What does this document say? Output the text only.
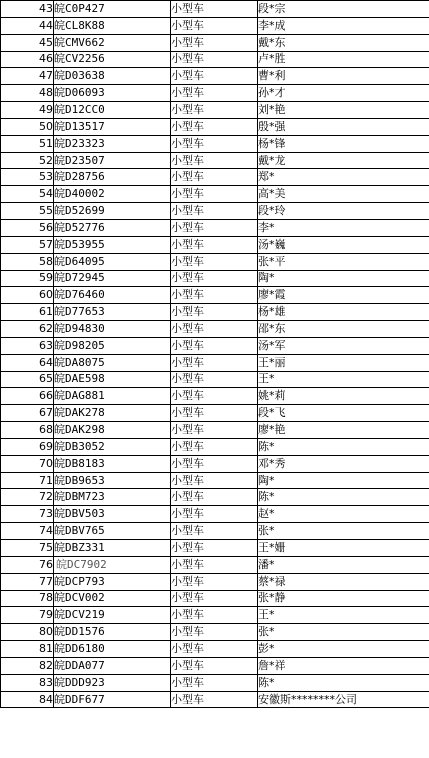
43	皖C0P427	小型车	段*宗
44	皖CL8K88	小型车	李*成
45	皖CMV662	小型车	戴*东
46	皖CV2256	小型车	卢*胜
47	皖D03638	小型车	曹*利
48	皖D06093	小型车	孙*才
49	皖D12CC0	小型车	刘*艳
50	皖D13517	小型车	殷*强
51	皖D23323	小型车	杨*锋
52	皖D23507	小型车	戴*龙
53	皖D28756	小型车	郑*
54	皖D40002	小型车	高*美
55	皖D52699	小型车	段*玲
56	皖D52776	小型车	李*
57	皖D53955	小型车	汤*巍
58	皖D64095	小型车	张*平
59	皖D72945	小型车	陶*
60	皖D76460	小型车	廖*霞
61	皖D77653	小型车	杨*雄
62	皖D94830	小型车	邵*东
63	皖D98205	小型车	汤*军
64	皖DA8075	小型车	王*丽
65	皖DAE598	小型车	王*
66	皖DAG881	小型车	姚*莉
67	皖DAK278	小型车	段*飞
68	皖DAK298	小型车	廖*艳
69	皖DB3052	小型车	陈*
70	皖DB8183	小型车	邓*秀
71	皖DB9653	小型车	陶*
72	皖DBM723	小型车	陈*
73	皖DBV503	小型车	赵*
74	皖DBV765	小型车	张*
75	皖DBZ331	小型车	王*姗
76	皖DC7902	小型车	潘*
77	皖DCP793	小型车	蔡*禄
78	皖DCV002	小型车	张*静
79	皖DCV219	小型车	王*
80	皖DD1576	小型车	张*
81	皖DD6180	小型车	彭*
82	皖DDA077	小型车	詹*祥
83	皖DDD923	小型车	陈*
84	皖DDF677	小型车	安徽斯********公司
